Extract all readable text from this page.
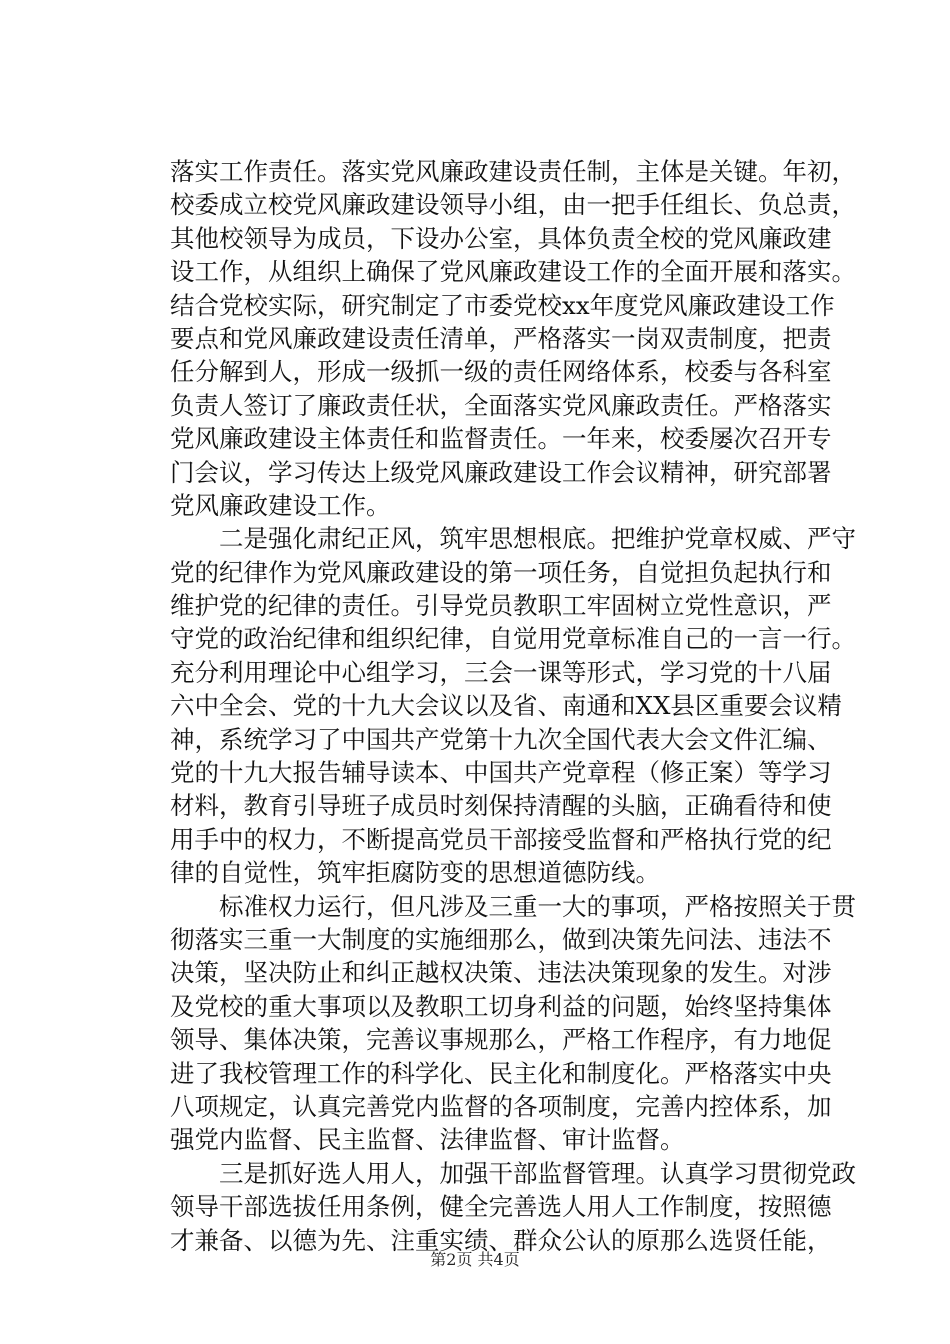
落实工作责任。落实党风廉政建设责任制，主体是关键。年初，
校委成立校党风廉政建设领导小组，由一把手任组长、负总责，
其他校领导为成员，下设办公室，具体负责全校的党风廉政建
设工作，从组织上确保了党风廉政建设工作的全面开展和落实。
结合党校实际，研究制定了市委党校xx年度党风廉政建设工作
要点和党风廉政建设责任清单，严格落实一岗双责制度，把责
任分解到人，形成一级抓一级的责任网络体系，校委与各科室
负责人签订了廉政责任状，全面落实党风廉政责任。严格落实
党风廉政建设主体责任和监督责任。一年来，校委屡次召开专
门会议，学习传达上级党风廉政建设工作会议精神，研究部署
党风廉政建设工作。
二是强化肃纪正风，筑牢思想根底。把维护党章权威、严守
党的纪律作为党风廉政建设的第一项任务，自觉担负起执行和
维护党的纪律的责任。引导党员教职工牢固树立党性意识，严
守党的政治纪律和组织纪律，自觉用党章标准自己的一言一行。
充分利用理论中心组学习，三会一课等形式，学习党的十八届
六中全会、党的十九大会议以及省、南通和XX县区重要会议精
神，系统学习了中国共产党第十九次全国代表大会文件汇编、
党的十九大报告辅导读本、中国共产党章程（修正案）等学习
材料，教育引导班子成员时刻保持清醒的头脑，正确看待和使
用手中的权力，不断提高党员干部接受监督和严格执行党的纪
律的自觉性，筑牢拒腐防变的思想道德防线。
标准权力运行，但凡涉及三重一大的事项，严格按照关于贯
彻落实三重一大制度的实施细那么，做到决策先问法、违法不
决策，坚决防止和纠正越权决策、违法决策现象的发生。对涉
及党校的重大事项以及教职工切身利益的问题，始终坚持集体
领导、集体决策，完善议事规那么，严格工作程序，有力地促
进了我校管理工作的科学化、民主化和制度化。严格落实中央
八项规定，认真完善党内监督的各项制度，完善内控体系，加
强党内监督、民主监督、法律监督、审计监督。
三是抓好选人用人，加强干部监督管理。认真学习贯彻党政
领导干部选拔任用条例，健全完善选人用人工作制度，按照德
才兼备、以德为先、注重实绩、群众公认的原那么选贤任能，
第2页 共4页
